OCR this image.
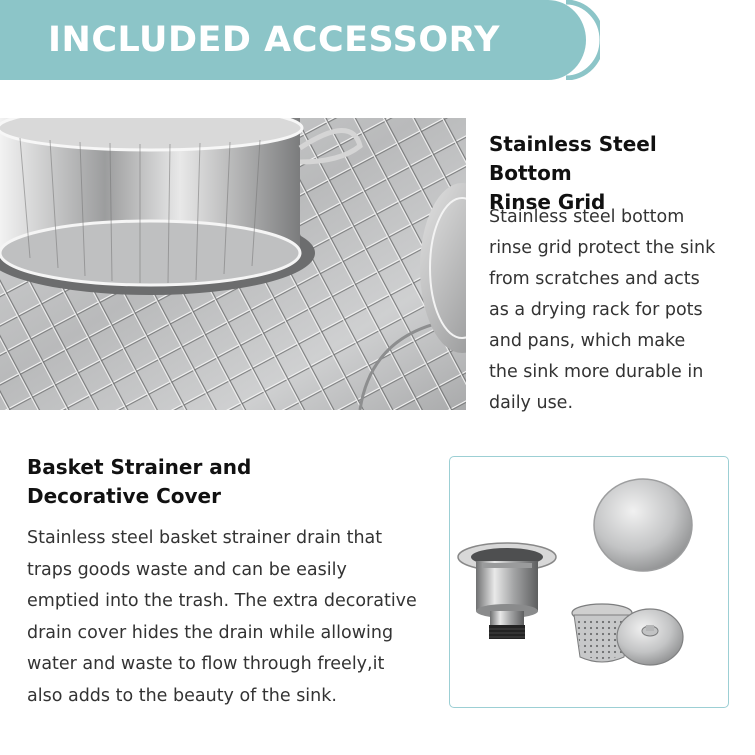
INCLUDED ACCESSORY
Stainless Steel Bottom
Rinse Grid
Stainless steel bottom
rinse grid protect the sink
from scratches and acts
as a drying rack for pots
and pans, which make
the sink more durable in
daily use.
Basket Strainer and
Decorative Cover
Stainless steel basket strainer drain that
traps goods waste and can be easily
emptied into the trash. The extra decorative
drain cover hides the drain while allowing
water and waste to flow through freely,it
also adds to the beauty of the sink.
